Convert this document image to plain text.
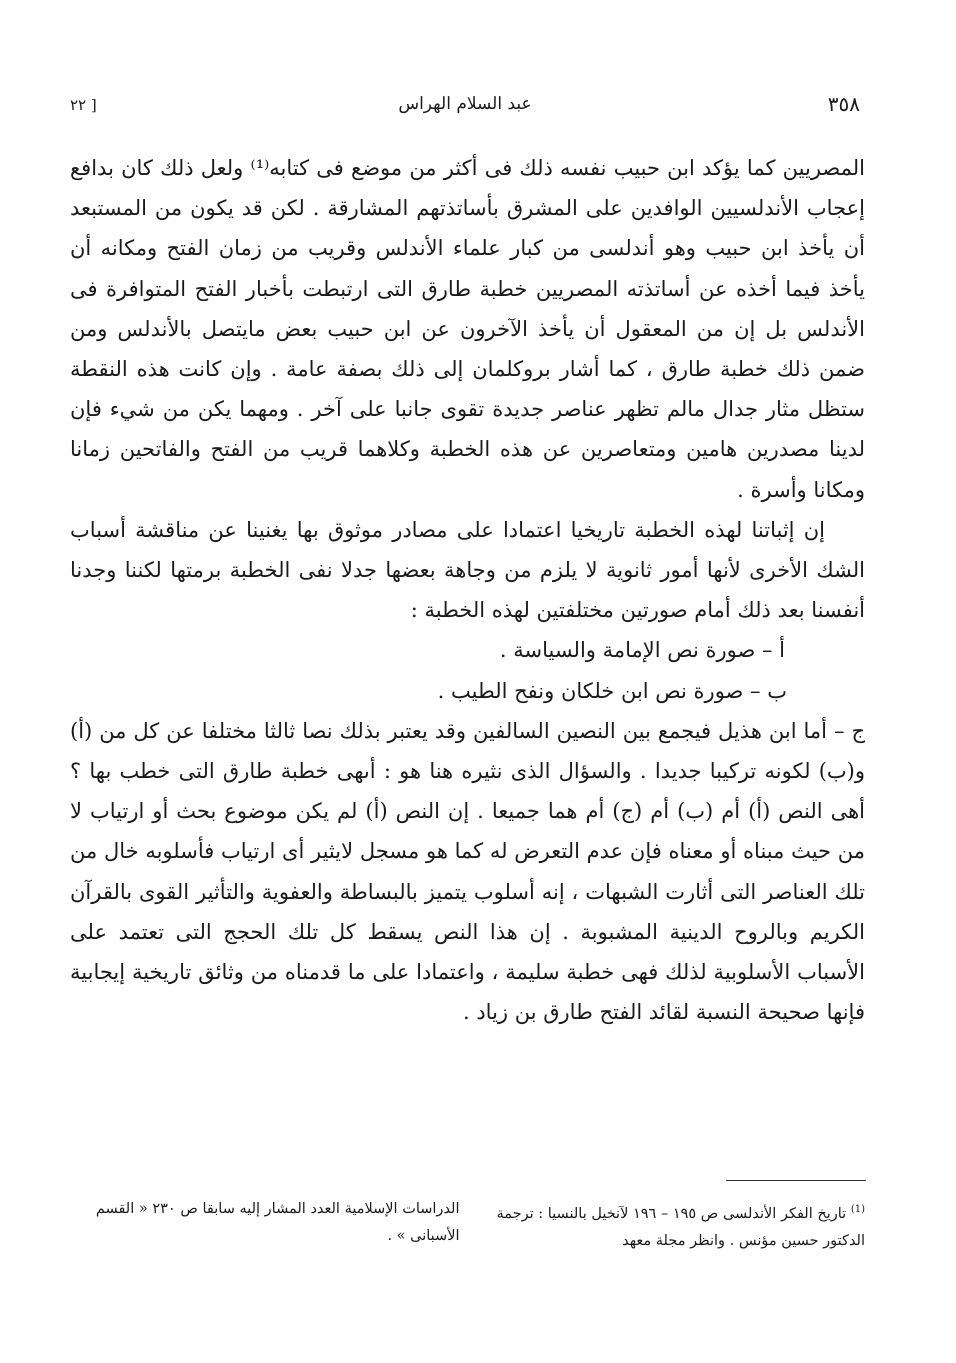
٣٥٨
عبد السلام الهراس
[ ٢٢

المصريين كما يؤكد ابن حبيب نفسه ذلك فى أكثر من موضع فى كتابه⁽¹⁾ ولعل ذلك كان بدافع إعجاب الأندلسيين الوافدين على المشرق بأساتذتهم المشارقة . لكن قد يكون من المستبعد أن يأخذ ابن حبيب وهو أندلسى من كبار علماء الأندلس وقريب من زمان الفتح ومكانه أن يأخذ فيما أخذه عن أساتذته المصريين خطبة طارق التى ارتبطت بأخبار الفتح المتوافرة فى الأندلس بل إن من المعقول أن يأخذ الآخرون عن ابن حبيب بعض مايتصل بالأندلس ومن ضمن ذلك خطبة طارق ، كما أشار بروكلمان إلى ذلك بصفة عامة . وإن كانت هذه النقطة ستظل مثار جدال مالم تظهر عناصر جديدة تقوى جانبا على آخر . ومهما يكن من شيء فإن لدينا مصدرين هامين ومتعاصرين عن هذه الخطبة وكلاهما قريب من الفتح والفاتحين زمانا ومكانا وأسرة .

إن إثباتنا لهذه الخطبة تاريخيا اعتمادا على مصادر موثوق بها يغنينا عن مناقشة أسباب الشك الأخرى لأنها أمور ثانوية لا يلزم من وجاهة بعضها جدلا نفى الخطبة برمتها لكننا وجدنا أنفسنا بعد ذلك أمام صورتين مختلفتين لهذه الخطبة :

أ – صورة نص الإمامة والسياسة .

ب – صورة نص ابن خلكان ونفح الطيب .

ج – أما ابن هذيل فيجمع بين النصين السالفين وقد يعتبر بذلك نصا ثالثا مختلفا عن كل من (أ) و(ب) لكونه تركيبا جديدا . والسؤال الذى نثيره هنا هو : أىهى خطبة طارق التى خطب بها ؟ أهى النص (أ) أم (ب) أم (ج) أم هما جميعا . إن النص (أ) لم يكن موضوع بحث أو ارتياب لا من حيث مبناه أو معناه فإن عدم التعرض له كما هو مسجل لايثير أى ارتياب فأسلوبه خال من تلك العناصر التى أثارت الشبهات ، إنه أسلوب يتميز بالبساطة والعفوية والتأثير القوى بالقرآن الكريم وبالروح الدينية المشبوبة . إن هذا النص يسقط كل تلك الحجج التى تعتمد على الأسباب الأسلوبية لذلك فهى خطبة سليمة ، واعتمادا على ما قدمناه من وثائق تاريخية إيجابية فإنها صحيحة النسبة لقائد الفتح طارق بن زياد .

$^{(1)}$ تاريخ الفكر الأندلسى ص ١٩٥ – ١٩٦ لآنخيل بالنسيا : ترجمة الدكتور حسين مؤنس . وانظر مجلة معهد
الدراسات الإسلامية العدد المشار إليه سابقا ص ٢٣٠ « القسم الأسبانى » .
